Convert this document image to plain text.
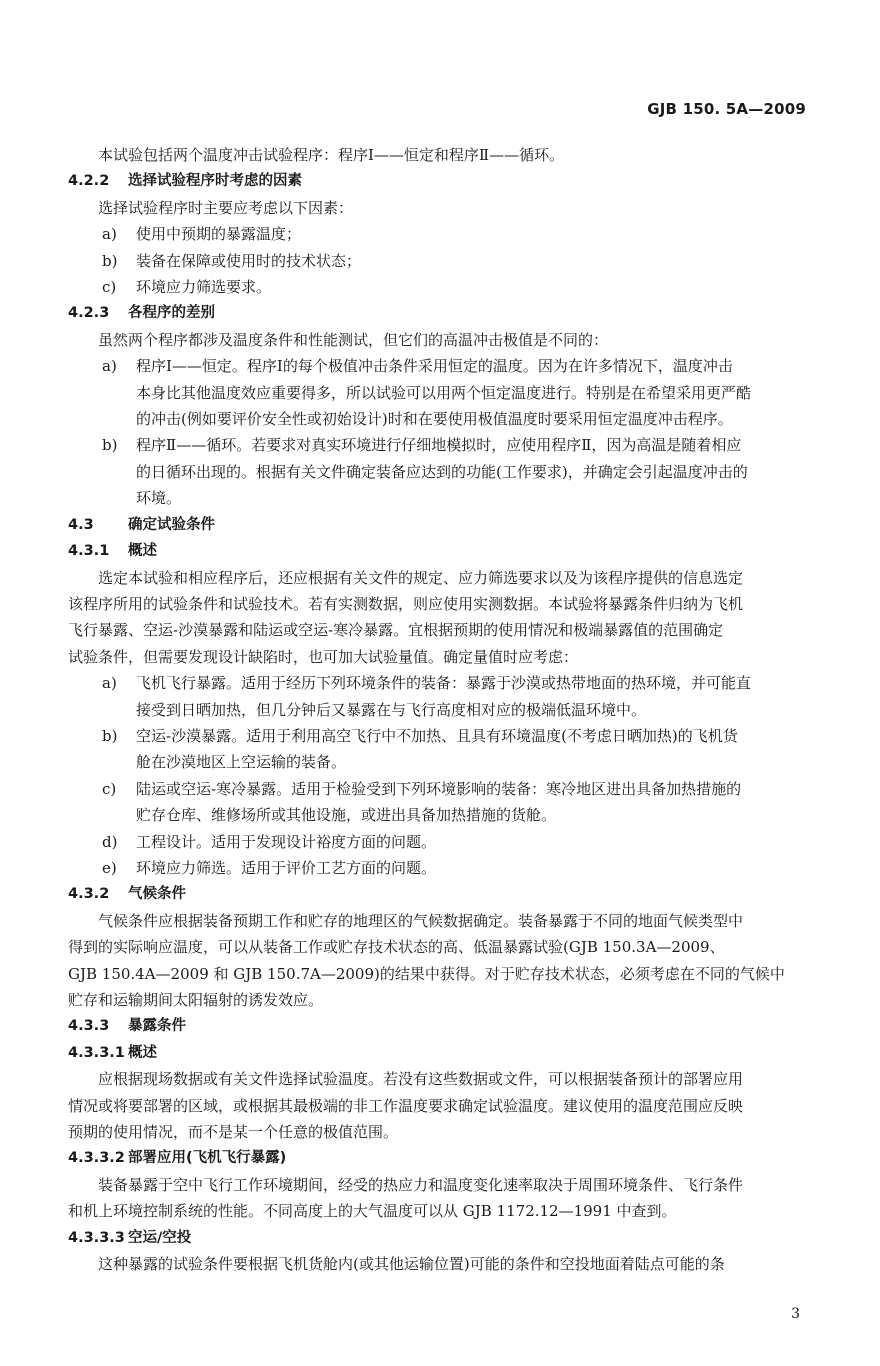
GJB 150. 5A—2009
本试验包括两个温度冲击试验程序：程序Ⅰ——恒定和程序Ⅱ——循环。
4.2.2 选择试验程序时考虑的因素
选择试验程序时主要应考虑以下因素：
a) 使用中预期的暴露温度；
b) 装备在保障或使用时的技术状态；
c) 环境应力筛选要求。
4.2.3 各程序的差别
虽然两个程序都涉及温度条件和性能测试，但它们的高温冲击极值是不同的：
a) 程序Ⅰ——恒定。程序Ⅰ的每个极值冲击条件采用恒定的温度。因为在许多情况下，温度冲击
本身比其他温度效应重要得多，所以试验可以用两个恒定温度进行。特别是在希望采用更严酷
的冲击(例如要评价安全性或初始设计)时和在要使用极值温度时要采用恒定温度冲击程序。
b) 程序Ⅱ——循环。若要求对真实环境进行仔细地模拟时，应使用程序Ⅱ，因为高温是随着相应
的日循环出现的。根据有关文件确定装备应达到的功能(工作要求)，并确定会引起温度冲击的
环境。
4.3 确定试验条件
4.3.1 概述
选定本试验和相应程序后，还应根据有关文件的规定、应力筛选要求以及为该程序提供的信息选定
该程序所用的试验条件和试验技术。若有实测数据，则应使用实测数据。本试验将暴露条件归纳为飞机
飞行暴露、空运-沙漠暴露和陆运或空运-寒冷暴露。宜根据预期的使用情况和极端暴露值的范围确定
试验条件，但需要发现设计缺陷时，也可加大试验量值。确定量值时应考虑：
a) 飞机飞行暴露。适用于经历下列环境条件的装备：暴露于沙漠或热带地面的热环境，并可能直
接受到日晒加热，但几分钟后又暴露在与飞行高度相对应的极端低温环境中。
b) 空运-沙漠暴露。适用于利用高空飞行中不加热、且具有环境温度(不考虑日晒加热)的飞机货
舱在沙漠地区上空运输的装备。
c) 陆运或空运-寒冷暴露。适用于检验受到下列环境影响的装备：寒冷地区进出具备加热措施的
贮存仓库、维修场所或其他设施，或进出具备加热措施的货舱。
d) 工程设计。适用于发现设计裕度方面的问题。
e) 环境应力筛选。适用于评价工艺方面的问题。
4.3.2 气候条件
气候条件应根据装备预期工作和贮存的地理区的气候数据确定。装备暴露于不同的地面气候类型中
得到的实际响应温度，可以从装备工作或贮存技术状态的高、低温暴露试验(GJB 150.3A—2009、
GJB 150.4A—2009 和 GJB 150.7A—2009)的结果中获得。对于贮存技术状态，必须考虑在不同的气候中
贮存和运输期间太阳辐射的诱发效应。
4.3.3 暴露条件
4.3.3.1 概述
应根据现场数据或有关文件选择试验温度。若没有这些数据或文件，可以根据装备预计的部署应用
情况或将要部署的区域，或根据其最极端的非工作温度要求确定试验温度。建议使用的温度范围应反映
预期的使用情况，而不是某一个任意的极值范围。
4.3.3.2 部署应用(飞机飞行暴露)
装备暴露于空中飞行工作环境期间，经受的热应力和温度变化速率取决于周围环境条件、飞行条件
和机上环境控制系统的性能。不同高度上的大气温度可以从 GJB 1172.12—1991 中查到。
4.3.3.3 空运/空投
这种暴露的试验条件要根据飞机货舱内(或其他运输位置)可能的条件和空投地面着陆点可能的条
3
